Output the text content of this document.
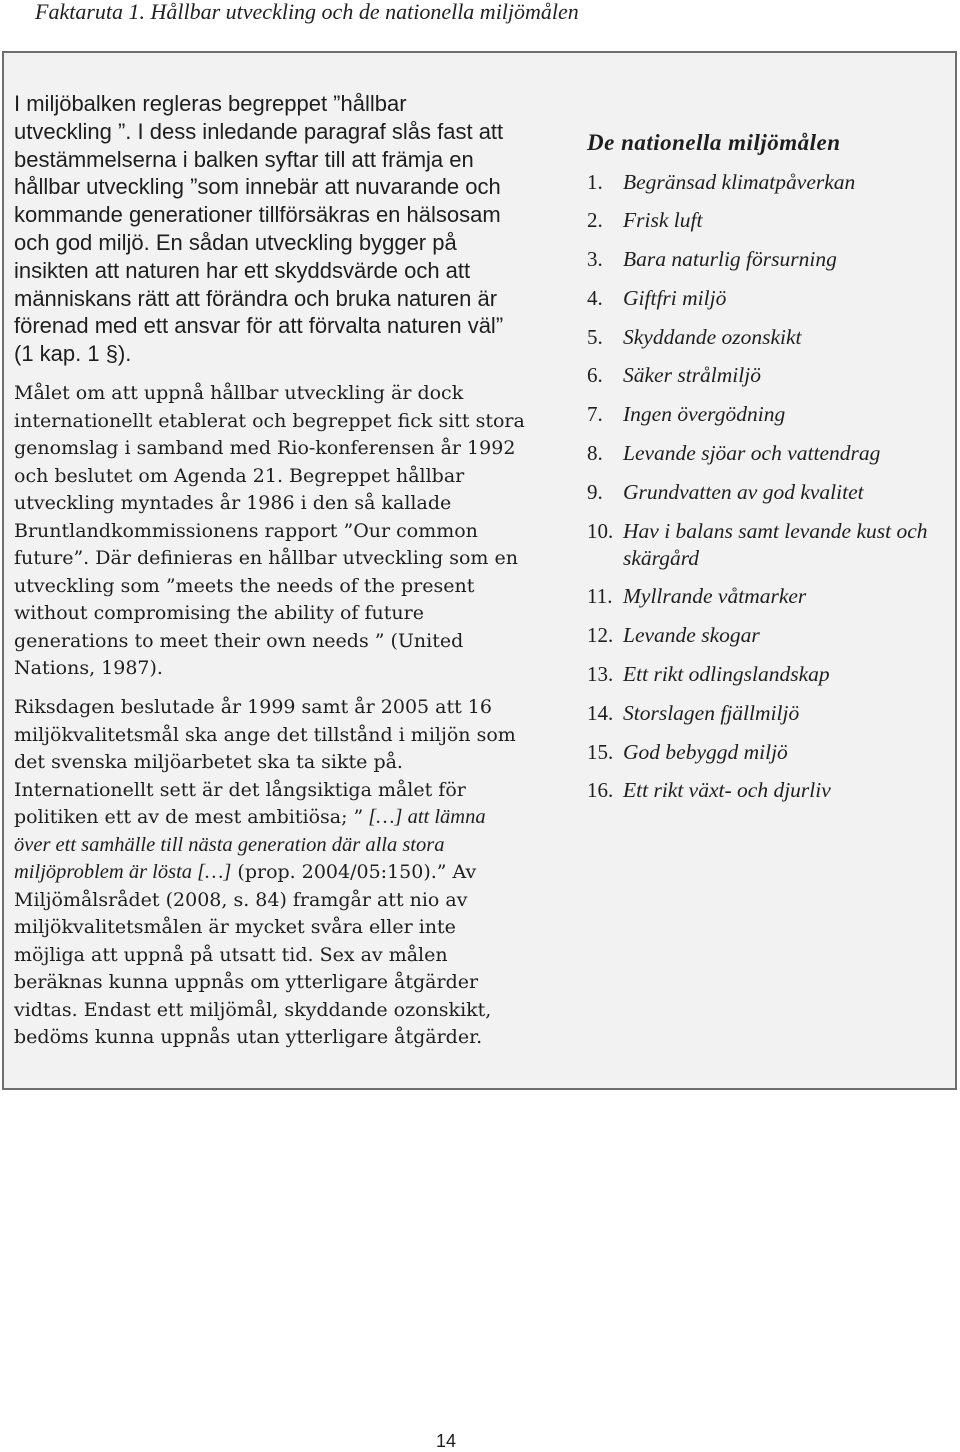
Faktaruta 1. Hållbar utveckling och de nationella miljömålen
I miljöbalken regleras begreppet ”hållbar
utveckling ”. I dess inledande paragraf slås fast att
bestämmelserna i balken syftar till att främja en
hållbar utveckling ”som innebär att nuvarande och
kommande generationer tillförsäkras en hälsosam
och god miljö. En sådan utveckling bygger på
insikten att naturen har ett skyddsvärde och att
människans rätt att förändra och bruka naturen är
förenad med ett ansvar för att förvalta naturen väl”
(1 kap. 1 §).
Målet om att uppnå hållbar utveckling är dock
internationellt etablerat och begreppet fick sitt stora
genomslag i samband med Rio-konferensen år 1992
och beslutet om Agenda 21. Begreppet hållbar
utveckling myntades år 1986 i den så kallade
Bruntlandkommissionens rapport ”Our common
future”. Där definieras en hållbar utveckling som en
utveckling som ”meets the needs of the present
without compromising the ability of future
generations to meet their own needs ” (United
Nations, 1987).
Riksdagen beslutade år 1999 samt år 2005 att 16
miljökvalitetsmål ska ange det tillstånd i miljön som
det svenska miljöarbetet ska ta sikte på.
Internationellt sett är det långsiktiga målet för
politiken ett av de mest ambitiösa; ” […] att lämna
över ett samhälle till nästa generation där alla stora
miljöproblem är lösta […] (prop. 2004/05:150).” Av
Miljömålsrådet (2008, s. 84) framgår att nio av
miljökvalitetsmålen är mycket svåra eller inte
möjliga att uppnå på utsatt tid. Sex av målen
beräknas kunna uppnås om ytterligare åtgärder
vidtas. Endast ett miljömål, skyddande ozonskikt,
bedöms kunna uppnås utan ytterligare åtgärder.
De nationella miljömålen
1. Begränsad klimatpåverkan
2. Frisk luft
3. Bara naturlig försurning
4. Giftfri miljö
5. Skyddande ozonskikt
6. Säker strålmiljö
7. Ingen övergödning
8. Levande sjöar och vattendrag
9. Grundvatten av god kvalitet
10. Hav i balans samt levande kust och skärgård
11. Myllrande våtmarker
12. Levande skogar
13. Ett rikt odlingslandskap
14. Storslagen fjällmiljö
15. God bebyggd miljö
16. Ett rikt växt- och djurliv
14
